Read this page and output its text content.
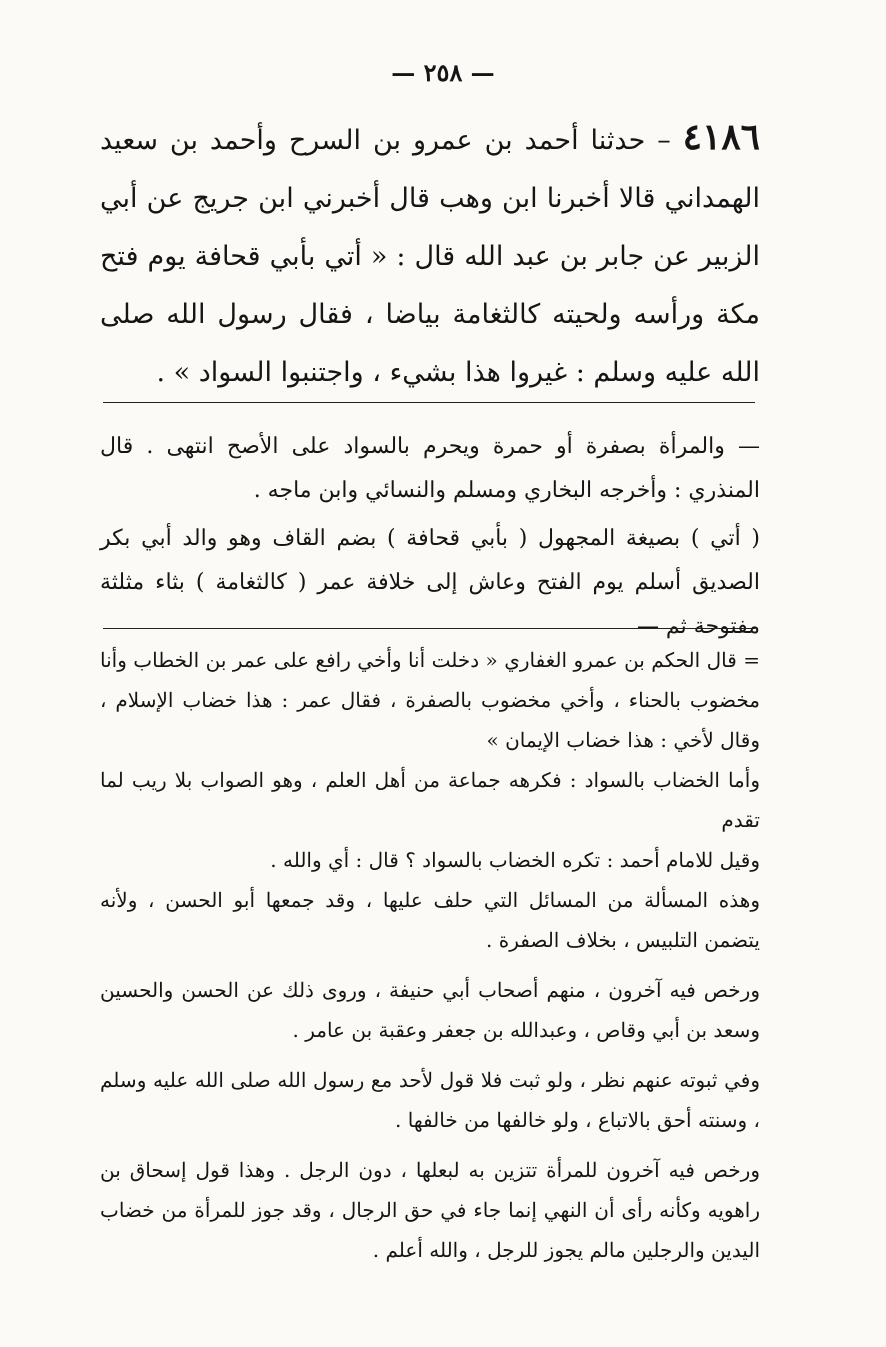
— ٢٥٨ —

٤١٨٦ – حدثنا أحمد بن عمرو بن السرح وأحمد بن سعيد الهمداني قالا أخبرنا ابن وهب قال أخبرني ابن جريج عن أبي الزبير عن جابر بن عبد الله قال : « أتي بأبي قحافة يوم فتح مكة ورأسه ولحيته كالثغامة بياضا ، فقال رسول الله صلى الله عليه وسلم : غيروا هذا بشيء ، واجتنبوا السواد » .

— والمرأة بصفرة أو حمرة ويحرم بالسواد على الأصح انتهى . قال المنذري : وأخرجه البخاري ومسلم والنسائي وابن ماجه .

( أتي ) بصيغة المجهول ( بأبي قحافة ) بضم القاف وهو والد أبي بكر الصديق أسلم يوم الفتح وعاش إلى خلافة عمر ( كالثغامة ) بثاء مثلثة مفتوحة ثم —

= قال الحكم بن عمرو الغفاري « دخلت أنا وأخي رافع على عمر بن الخطاب وأنا مخضوب بالحناء ، وأخي مخضوب بالصفرة ، فقال عمر : هذا خضاب الإسلام ، وقال لأخي : هذا خضاب الإيمان »

وأما الخضاب بالسواد : فكرهه جماعة من أهل العلم ، وهو الصواب بلا ريب لما تقدم

وقيل للامام أحمد : تكره الخضاب بالسواد ؟ قال : أي والله .

وهذه المسألة من المسائل التي حلف عليها ، وقد جمعها أبو الحسن ، ولأنه يتضمن التلبيس ، بخلاف الصفرة .

ورخص فيه آخرون ، منهم أصحاب أبي حنيفة ، وروى ذلك عن الحسن والحسين وسعد بن أبي وقاص ، وعبدالله بن جعفر وعقبة بن عامر .

وفي ثبوته عنهم نظر ، ولو ثبت فلا قول لأحد مع رسول الله صلى الله عليه وسلم ، وسنته أحق بالاتباع ، ولو خالفها من خالفها .

ورخص فيه آخرون للمرأة تتزين به لبعلها ، دون الرجل . وهذا قول إسحاق بن راهويه وكأنه رأى أن النهي إنما جاء في حق الرجال ، وقد جوز للمرأة من خضاب اليدين والرجلين مالم يجوز للرجل ، والله أعلم .
